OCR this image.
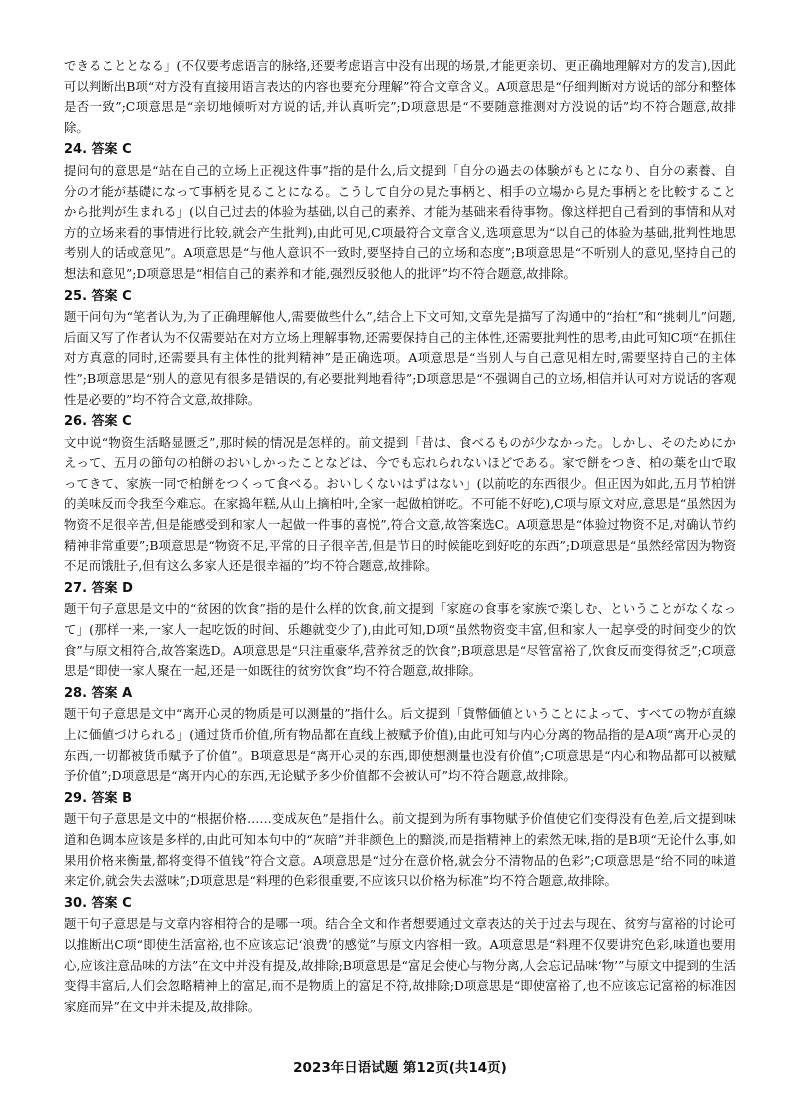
できることとなる」(不仅要考虑语言的脉络,还要考虑语言中没有出现的场景,才能更亲切、更正确地理解对方的发言),因此可以判断出B项“对方没有直接用语言表达的内容也要充分理解”符合文章含义。A项意思是“仔细判断对方说话的部分和整体是否一致”;C项意思是“亲切地倾听对方说的话,并认真听完”;D项意思是“不要随意推测对方没说的话”均不符合题意,故排除。

24. 答案 C

提问句的意思是“站在自己的立场上正视这件事”指的是什么,后文提到「自分の過去の体験がもとになり、自分の素養、自分の才能が基礎になって事柄を見ることになる。こうして自分の見た事柄と、相手の立場から見た事柄とを比較することから批判が生まれる」(以自己过去的体验为基础,以自己的素养、才能为基础来看待事物。像这样把自己看到的事情和从对方的立场来看的事情进行比较,就会产生批判),由此可见,C项最符合文章含义,选项意思为“以自己的体验为基础,批判性地思考别人的话或意见”。A项意思是“与他人意识不一致时,要坚持自己的立场和态度”;B项意思是“不听别人的意见,坚持自己的想法和意见”;D项意思是“相信自己的素养和才能,强烈反驳他人的批评”均不符合题意,故排除。

25. 答案 C

题干问句为“笔者认为,为了正确理解他人,需要做些什么”,结合上下文可知,文章先是描写了沟通中的“抬杠”和“挑刺儿”问题,后面又写了作者认为不仅需要站在对方立场上理解事物,还需要保持自己的主体性,还需要批判性的思考,由此可知C项“在抓住对方真意的同时,还需要具有主体性的批判精神”是正确选项。A项意思是“当别人与自己意见相左时,需要坚持自己的主体性”;B项意思是“别人的意见有很多是错误的,有必要批判地看待”;D项意思是“不强调自己的立场,相信并认可对方说话的客观性是必要的”均不符合文意,故排除。

26. 答案 C

文中说“物资生活略显匮乏”,那时候的情况是怎样的。前文提到「昔は、食べるものが少なかった。しかし、そのためにかえって、五月の節句の柏餅のおいしかったことなどは、今でも忘れられないほどである。家で餅をつき、柏の葉を山で取ってきて、家族一同で柏餅をつくって食べる。おいしくないはずはない」(以前吃的东西很少。但正因为如此,五月节柏饼的美味反而令我至今难忘。在家捣年糕,从山上摘柏叶,全家一起做柏饼吃。不可能不好吃),C项与原文对应,意思是“虽然因为物资不足很辛苦,但是能感受到和家人一起做一件事的喜悦”,符合文意,故答案选C。A项意思是“体验过物资不足,对确认节约精神非常重要”;B项意思是“物资不足,平常的日子很辛苦,但是节日的时候能吃到好吃的东西”;D项意思是“虽然经常因为物资不足而饿肚子,但有这么多家人还是很幸福的”均不符合题意,故排除。

27. 答案 D

题干句子意思是文中的“贫困的饮食”指的是什么样的饮食,前文提到「家庭の食事を家族で楽しむ、ということがなくなって」(那样一来,一家人一起吃饭的时间、乐趣就变少了),由此可知,D项“虽然物资变丰富,但和家人一起享受的时间变少的饮食”与原文相符合,故答案选D。A项意思是“只注重豪华,营养贫乏的饮食”;B项意思是“尽管富裕了,饮食反而变得贫乏”;C项意思是“即使一家人聚在一起,还是一如既往的贫穷饮食”均不符合题意,故排除。

28. 答案 A

题干句子意思是文中“离开心灵的物质是可以测量的”指什么。后文提到「貨幣価値ということによって、すべての物が直線上に価値づけられる」(通过货币价值,所有物品都在直线上被赋予价值),由此可知与内心分离的物品指的是A项“离开心灵的东西,一切都被货币赋予了价值”。B项意思是“离开心灵的东西,即使想测量也没有价值”;C项意思是“内心和物品都可以被赋予价值”;D项意思是“离开内心的东西,无论赋予多少价值都不会被认可”均不符合题意,故排除。

29. 答案 B

题干句子意思是文中的“根据价格……变成灰色”是指什么。前文提到为所有事物赋予价值使它们变得没有色差,后文提到味道和色调本应该是多样的,由此可知本句中的“灰暗”并非颜色上的黯淡,而是指精神上的索然无味,指的是B项“无论什么事,如果用价格来衡量,都将变得不值钱”符合文意。A项意思是“过分在意价格,就会分不清物品的色彩”;C项意思是“给不同的味道来定价,就会失去滋味”;D项意思是“料理的色彩很重要,不应该只以价格为标准”均不符合题意,故排除。

30. 答案 C

题干句子意思是与文章内容相符合的是哪一项。结合全文和作者想要通过文章表达的关于过去与现在、贫穷与富裕的讨论可以推断出C项“即使生活富裕,也不应该忘记‘浪费’的感觉”与原文内容相一致。A项意思是“料理不仅要讲究色彩,味道也要用心,应该注意品味的方法”在文中并没有提及,故排除;B项意思是“富足会使心与物分离,人会忘记品味‘物’”与原文中提到的生活变得丰富后,人们会忽略精神上的富足,而不是物质上的富足不符,故排除;D项意思是“即使富裕了,也不应该忘记富裕的标准因家庭而异”在文中并未提及,故排除。

2023年日语试题 第12页(共14页)
